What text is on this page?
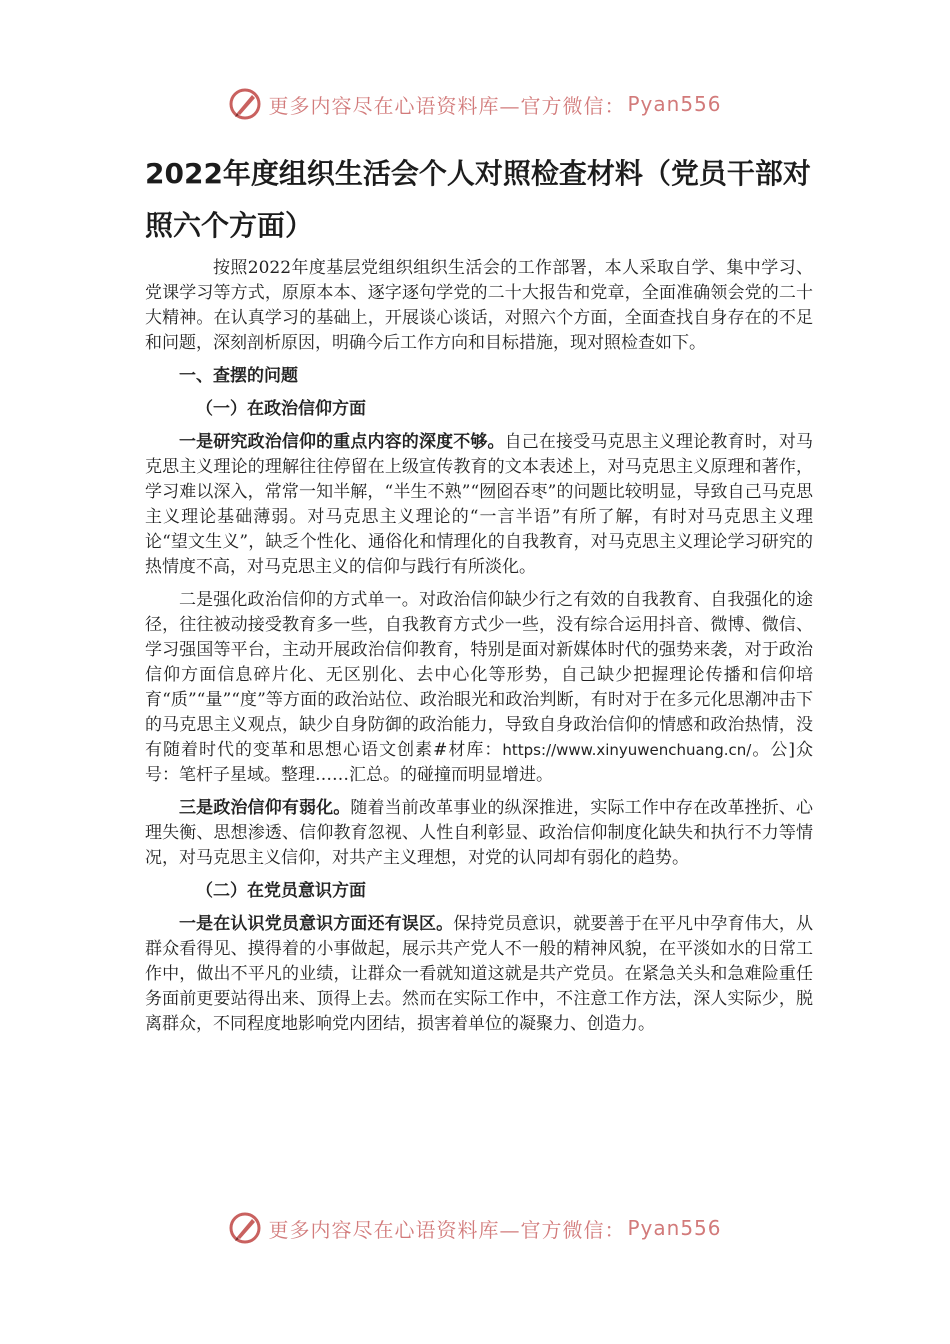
更多内容尽在心语资料库—官方微信： Pyan556
2022年度组织生活会个人对照检查材料（党员干部对照六个方面）

按照2022年度基层党组织组织生活会的工作部署，本人采取自学、集中学习、党课学习等方式，原原本本、逐字逐句学党的二十大报告和党章，全面准确领会党的二十大精神。在认真学习的基础上，开展谈心谈话，对照六个方面，全面查找自身存在的不足和问题，深刻剖析原因，明确今后工作方向和目标措施，现对照检查如下。

一、查摆的问题

（一）在政治信仰方面

一是研究政治信仰的重点内容的深度不够。自己在接受马克思主义理论教育时，对马克思主义理论的理解往往停留在上级宣传教育的文本表述上，对马克思主义原理和著作，学习难以深入，常常一知半解，“半生不熟”“囫囵吞枣”的问题比较明显，导致自己马克思主义理论基础薄弱。对马克思主义理论的“一言半语”有所了解，有时对马克思主义理论“望文生义”，缺乏个性化、通俗化和情理化的自我教育，对马克思主义理论学习研究的热情度不高，对马克思主义的信仰与践行有所淡化。

二是强化政治信仰的方式单一。对政治信仰缺少行之有效的自我教育、自我强化的途径，往往被动接受教育多一些，自我教育方式少一些，没有综合运用抖音、微博、微信、学习强国等平台，主动开展政治信仰教育，特别是面对新媒体时代的强势来袭，对于政治信仰方面信息碎片化、无区别化、去中心化等形势，自己缺少把握理论传播和信仰培育“质”“量”“度”等方面的政治站位、政治眼光和政治判断，有时对于在多元化思潮冲击下的马克思主义观点，缺少自身防御的政治能力，导致自身政治信仰的情感和政治热情，没有随着时代的变革和思想心语文创素#材库：https://www.xinyuwenchuang.cn/。公]众号：笔杆子星域。整理……汇总。的碰撞而明显增进。

三是政治信仰有弱化。随着当前改革事业的纵深推进，实际工作中存在改革挫折、心理失衡、思想渗透、信仰教育忽视、人性自利彰显、政治信仰制度化缺失和执行不力等情况，对马克思主义信仰，对共产主义理想，对党的认同却有弱化的趋势。

（二）在党员意识方面

一是在认识党员意识方面还有误区。保持党员意识，就要善于在平凡中孕育伟大，从群众看得见、摸得着的小事做起，展示共产党人不一般的精神风貌，在平淡如水的日常工作中，做出不平凡的业绩，让群众一看就知道这就是共产党员。在紧急关头和急难险重任务面前更要站得出来、顶得上去。然而在实际工作中，不注意工作方法，深人实际少，脱离群众，不同程度地影响党内团结，损害着单位的凝聚力、创造力。

更多内容尽在心语资料库—官方微信： Pyan556
